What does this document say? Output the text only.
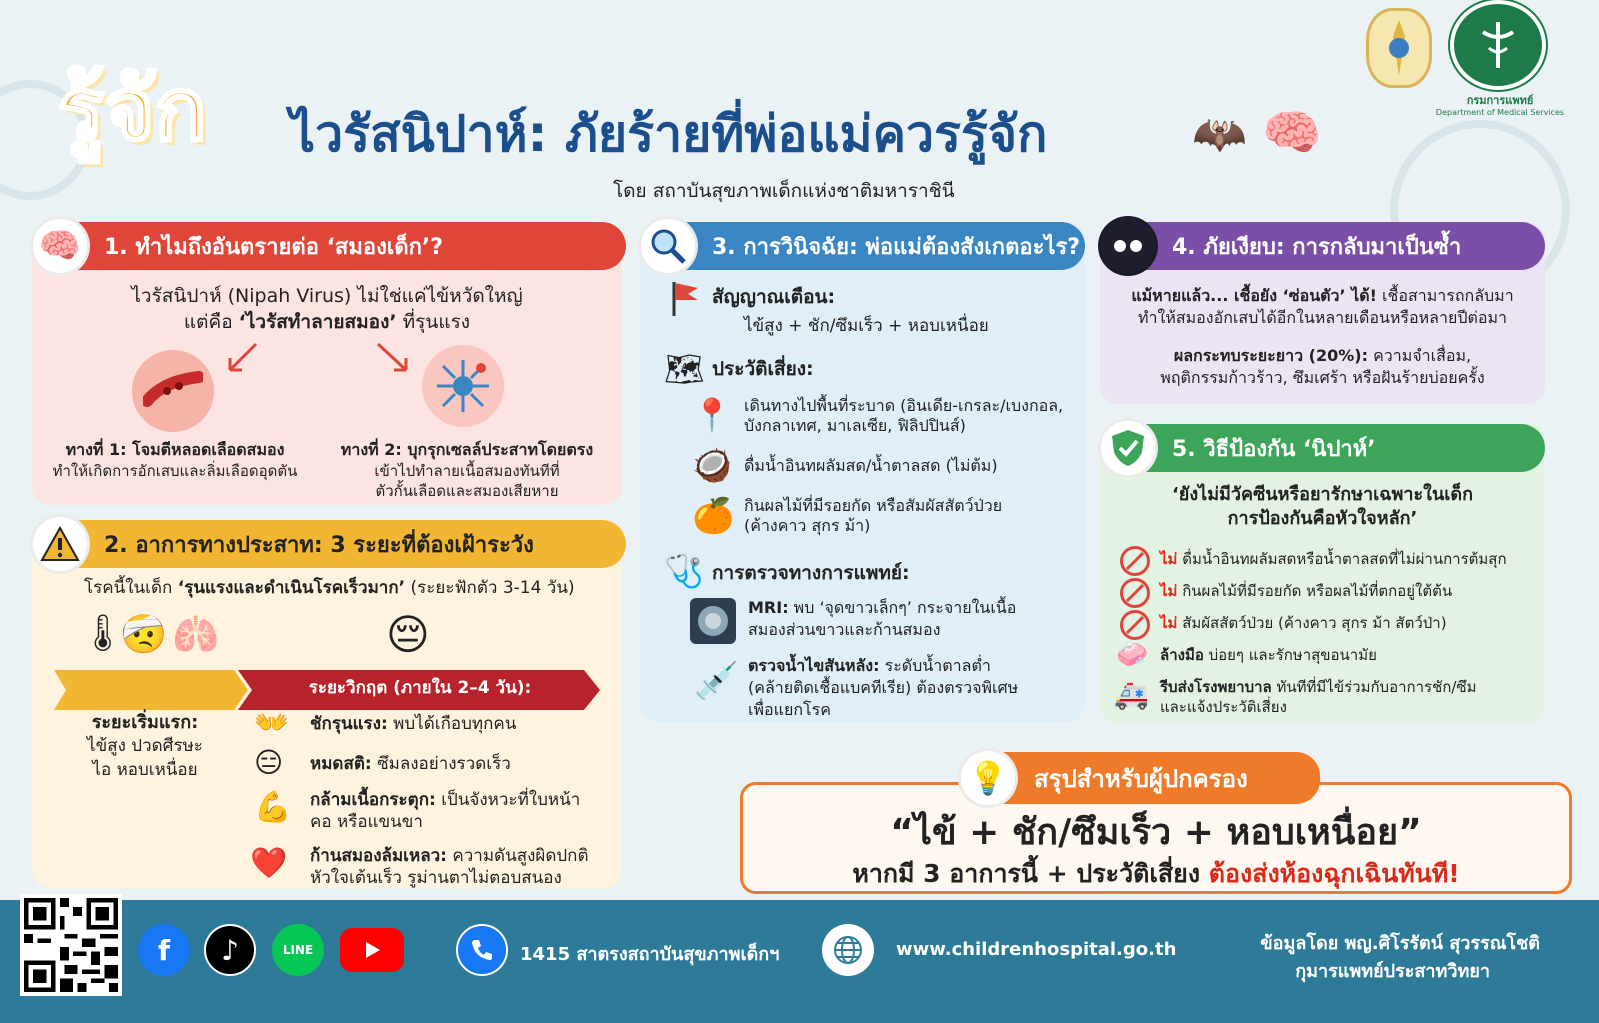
รู้จัก ไวรัสนิปาห์: ภัยร้ายที่พ่อแม่ควรรู้จัก	🦇 🧠
โดย สถาบันสุขภาพเด็กแห่งชาติมหาราชินี
กรมการแพทย์
Department of Medical Services
🧠 1. ทำไมถึงอันตรายต่อ ‘สมองเด็ก’?
ไวรัสนิปาห์ (Nipah Virus) ไม่ใช่แค่ไข้หวัดใหญ่
แต่คือ ‘ไวรัสทำลายสมอง’ ที่รุนแรง
ทางที่ 1: โจมตีหลอดเลือดสมอง
ทำให้เกิดการอักเสบและลิ่มเลือดอุดตัน
ทางที่ 2: บุกรุกเซลล์ประสาทโดยตรง
เข้าไปทำลายเนื้อสมองทันทีที่
ตัวกั้นเลือดและสมองเสียหาย
2. อาการทางประสาท: 3 ระยะที่ต้องเฝ้าระวัง
โรคนี้ในเด็ก ‘รุนแรงและดำเนินโรคเร็วมาก’ (ระยะฟักตัว 3-14 วัน)
🌡
🤕 🫁	😔
ระยะวิกฤต (ภายใน 2–4 วัน):
ระยะเริ่มแรก:
ไข้สูง ปวดศีรษะ
ไอ หอบเหนื่อย
👐 ชักรุนแรง: พบได้เกือบทุกคน
😑 หมดสติ: ซึมลงอย่างรวดเร็ว
💪 กล้ามเนื้อกระตุก: เป็นจังหวะที่ใบหน้า
คอ หรือแขนขา
❤️ ก้านสมองล้มเหลว: ความดันสูงผิดปกติ
หัวใจเต้นเร็ว รูม่านตาไม่ตอบสนอง
3. การวินิจฉัย: พ่อแม่ต้องสังเกตอะไร?
สัญญาณเตือน:
ไข้สูง + ชัก/ซึมเร็ว + หอบเหนื่อย
🗺 ประวัติเสี่ยง:
📍 เดินทางไปพื้นที่ระบาด (อินเดีย-เกรละ/เบงกอล,
บังกลาเทศ, มาเลเซีย, ฟิลิปปินส์)
🥥 ดื่มน้ำอินทผลัมสด/น้ำตาลสด (ไม่ต้ม)
🍊 กินผลไม้ที่มีรอยกัด หรือสัมผัสสัตว์ป่วย
(ค้างคาว สุกร ม้า)
🩺 การตรวจทางการแพทย์:
MRI: พบ ‘จุดขาวเล็กๆ’ กระจายในเนื้อ
สมองส่วนขาวและก้านสมอง
💉 ตรวจน้ำไขสันหลัง: ระดับน้ำตาลต่ำ
(คล้ายติดเชื้อแบคทีเรีย) ต้องตรวจพิเศษ
เพื่อแยกโรค
4. ภัยเงียบ: การกลับมาเป็นซ้ำ
แม้หายแล้ว... เชื้อยัง ‘ซ่อนตัว’ ได้! เชื้อสามารถกลับมา
ทำให้สมองอักเสบได้อีกในหลายเดือนหรือหลายปีต่อมา
ผลกระทบระยะยาว (20%): ความจำเสื่อม,
พฤติกรรมก้าวร้าว, ซึมเศร้า หรือฝันร้ายบ่อยครั้ง
5. วิธีป้องกัน ‘นิปาห์’
‘ยังไม่มีวัคซีนหรือยารักษาเฉพาะในเด็ก
การป้องกันคือหัวใจหลัก’
ไม่ ดื่มน้ำอินทผลัมสดหรือน้ำตาลสดที่ไม่ผ่านการต้มสุก
ไม่ กินผลไม้ที่มีรอยกัด หรือผลไม้ที่ตกอยู่ใต้ต้น
ไม่ สัมผัสสัตว์ป่วย (ค้างคาว สุกร ม้า สัตว์ป่า)
🧼 ล้างมือ บ่อยๆ และรักษาสุขอนามัย
🚑 รีบส่งโรงพยาบาล ทันทีที่มีไข้ร่วมกับอาการชัก/ซึม
และแจ้งประวัติเสี่ยง
💡 สรุปสำหรับผู้ปกครอง
“ไข้ + ชัก/ซึมเร็ว + หอบเหนื่อย”
หากมี 3 อาการนี้ + ประวัติเสี่ยง ต้องส่งห้องฉุกเฉินทันที!
f	♪	LINE	1415 สาตรงสถาบันสุขภาพเด็กฯ	www.childrenhospital.go.th	ข้อมูลโดย พญ.ศิโรรัตน์ สุวรรณโชติ
กุมารแพทย์ประสาทวิทยา
